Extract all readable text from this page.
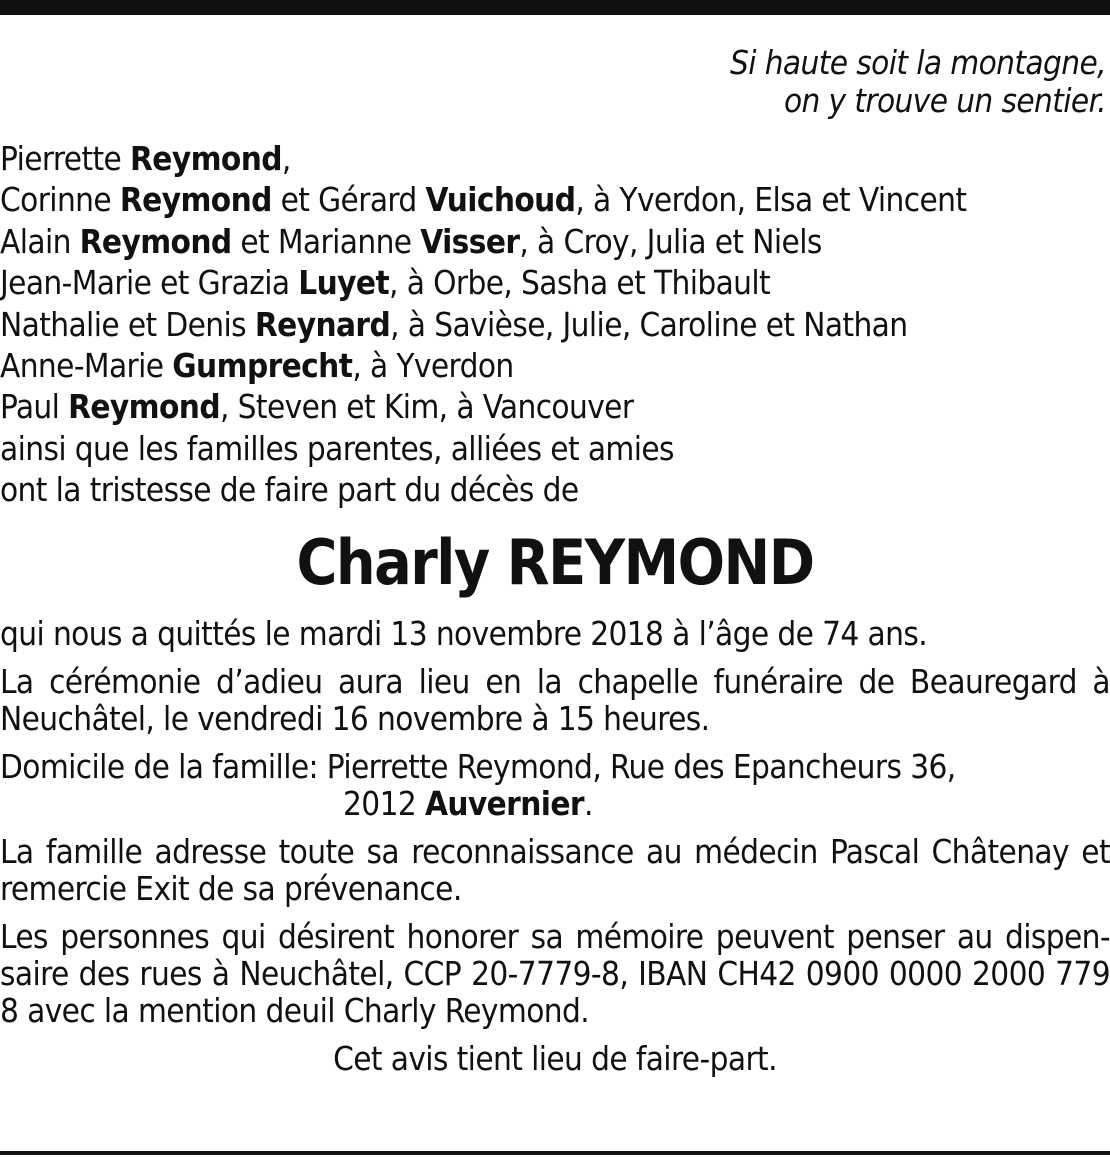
Si haute soit la montagne,
on y trouve un sentier.
Pierrette Reymond,
Corinne Reymond et Gérard Vuichoud, à Yverdon, Elsa et Vincent
Alain Reymond et Marianne Visser, à Croy, Julia et Niels
Jean-Marie et Grazia Luyet, à Orbe, Sasha et Thibault
Nathalie et Denis Reynard, à Savièse, Julie, Caroline et Nathan
Anne-Marie Gumprecht, à Yverdon
Paul Reymond, Steven et Kim, à Vancouver
ainsi que les familles parentes, alliées et amies
ont la tristesse de faire part du décès de
Charly REYMOND
qui nous a quittés le mardi 13 novembre 2018 à l’âge de 74 ans.
La cérémonie d’adieu aura lieu en la chapelle funéraire de Beauregard à Neuchâtel, le vendredi 16 novembre à 15 heures.
Domicile de la famille: Pierrette Reymond, Rue des Epancheurs 36,
2012 Auvernier.
La famille adresse toute sa reconnaissance au médecin Pascal Châtenay et remercie Exit de sa prévenance.
Les personnes qui désirent honorer sa mémoire peuvent penser au dispen-saire des rues à Neuchâtel, CCP 20-7779-8, IBAN CH42 0900 0000 2000 779 8 avec la mention deuil Charly Reymond.
Cet avis tient lieu de faire-part.
